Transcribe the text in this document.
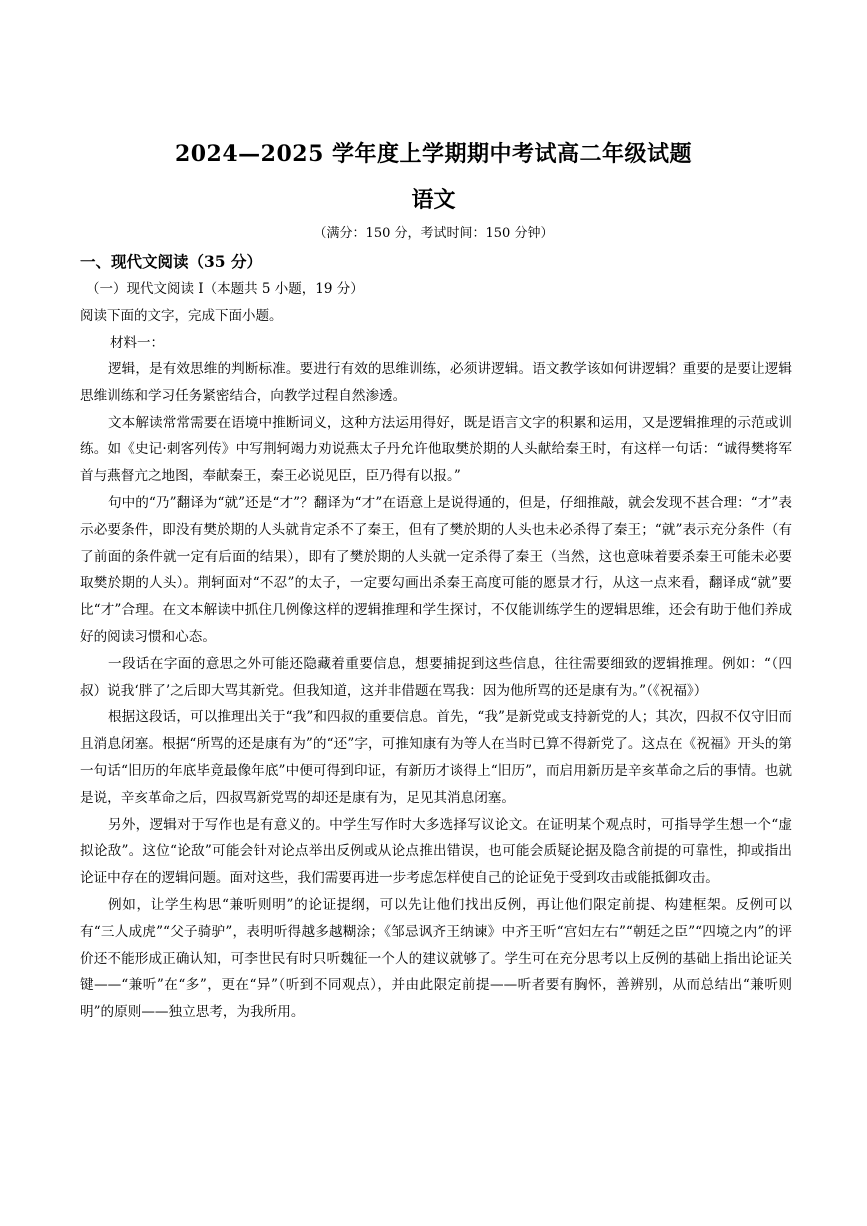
2024—2025 学年度上学期期中考试高二年级试题
语文
（满分：150 分，考试时间：150 分钟）
一、现代文阅读（35 分）
（一）现代文阅读 I（本题共 5 小题，19 分）
阅读下面的文字，完成下面小题。
材料一：

逻辑，是有效思维的判断标准。要进行有效的思维训练，必须讲逻辑。语文教学该如何讲逻辑？重要的是要让逻辑思维训练和学习任务紧密结合，向教学过程自然渗透。

文本解读常常需要在语境中推断词义，这种方法运用得好，既是语言文字的积累和运用，又是逻辑推理的示范或训练。如《史记·刺客列传》中写荆轲竭力劝说燕太子丹允许他取樊於期的人头献给秦王时，有这样一句话：“诚得樊将军首与燕督亢之地图，奉献秦王，秦王必说见臣，臣乃得有以报。”

句中的“乃”翻译为“就”还是“才”？翻译为“才”在语意上是说得通的，但是，仔细推敲，就会发现不甚合理：“才”表示必要条件，即没有樊於期的人头就肯定杀不了秦王，但有了樊於期的人头也未必杀得了秦王；“就”表示充分条件（有了前面的条件就一定有后面的结果），即有了樊於期的人头就一定杀得了秦王（当然，这也意味着要杀秦王可能未必要取樊於期的人头）。荆轲面对“不忍”的太子，一定要勾画出杀秦王高度可能的愿景才行，从这一点来看，翻译成“就”要比“才”合理。在文本解读中抓住几例像这样的逻辑推理和学生探讨，不仅能训练学生的逻辑思维，还会有助于他们养成好的阅读习惯和心态。

一段话在字面的意思之外可能还隐藏着重要信息，想要捕捉到这些信息，往往需要细致的逻辑推理。例如：“（四叔）说我‘胖了’之后即大骂其新党。但我知道，这并非借题在骂我：因为他所骂的还是康有为。”（《祝福》）

根据这段话，可以推理出关于“我”和四叔的重要信息。首先，“我”是新党或支持新党的人；其次，四叔不仅守旧而且消息闭塞。根据“所骂的还是康有为”的“还”字，可推知康有为等人在当时已算不得新党了。这点在《祝福》开头的第一句话“旧历的年底毕竟最像年底”中便可得到印证，有新历才谈得上“旧历”，而启用新历是辛亥革命之后的事情。也就是说，辛亥革命之后，四叔骂新党骂的却还是康有为，足见其消息闭塞。

另外，逻辑对于写作也是有意义的。中学生写作时大多选择写议论文。在证明某个观点时，可指导学生想一个“虚拟论敌”。这位“论敌”可能会针对论点举出反例或从论点推出错误，也可能会质疑论据及隐含前提的可靠性，抑或指出论证中存在的逻辑问题。面对这些，我们需要再进一步考虑怎样使自己的论证免于受到攻击或能抵御攻击。

例如，让学生构思“兼听则明”的论证提纲，可以先让他们找出反例，再让他们限定前提、构建框架。反例可以有“三人成虎”“父子骑驴”，表明听得越多越糊涂；《邹忌讽齐王纳谏》中齐王听“宫妇左右”“朝廷之臣”“四境之内”的评价还不能形成正确认知，可李世民有时只听魏征一个人的建议就够了。学生可在充分思考以上反例的基础上指出论证关键——“兼听”在“多”，更在“异”（听到不同观点），并由此限定前提——听者要有胸怀，善辨别，从而总结出“兼听则明”的原则——独立思考，为我所用。
